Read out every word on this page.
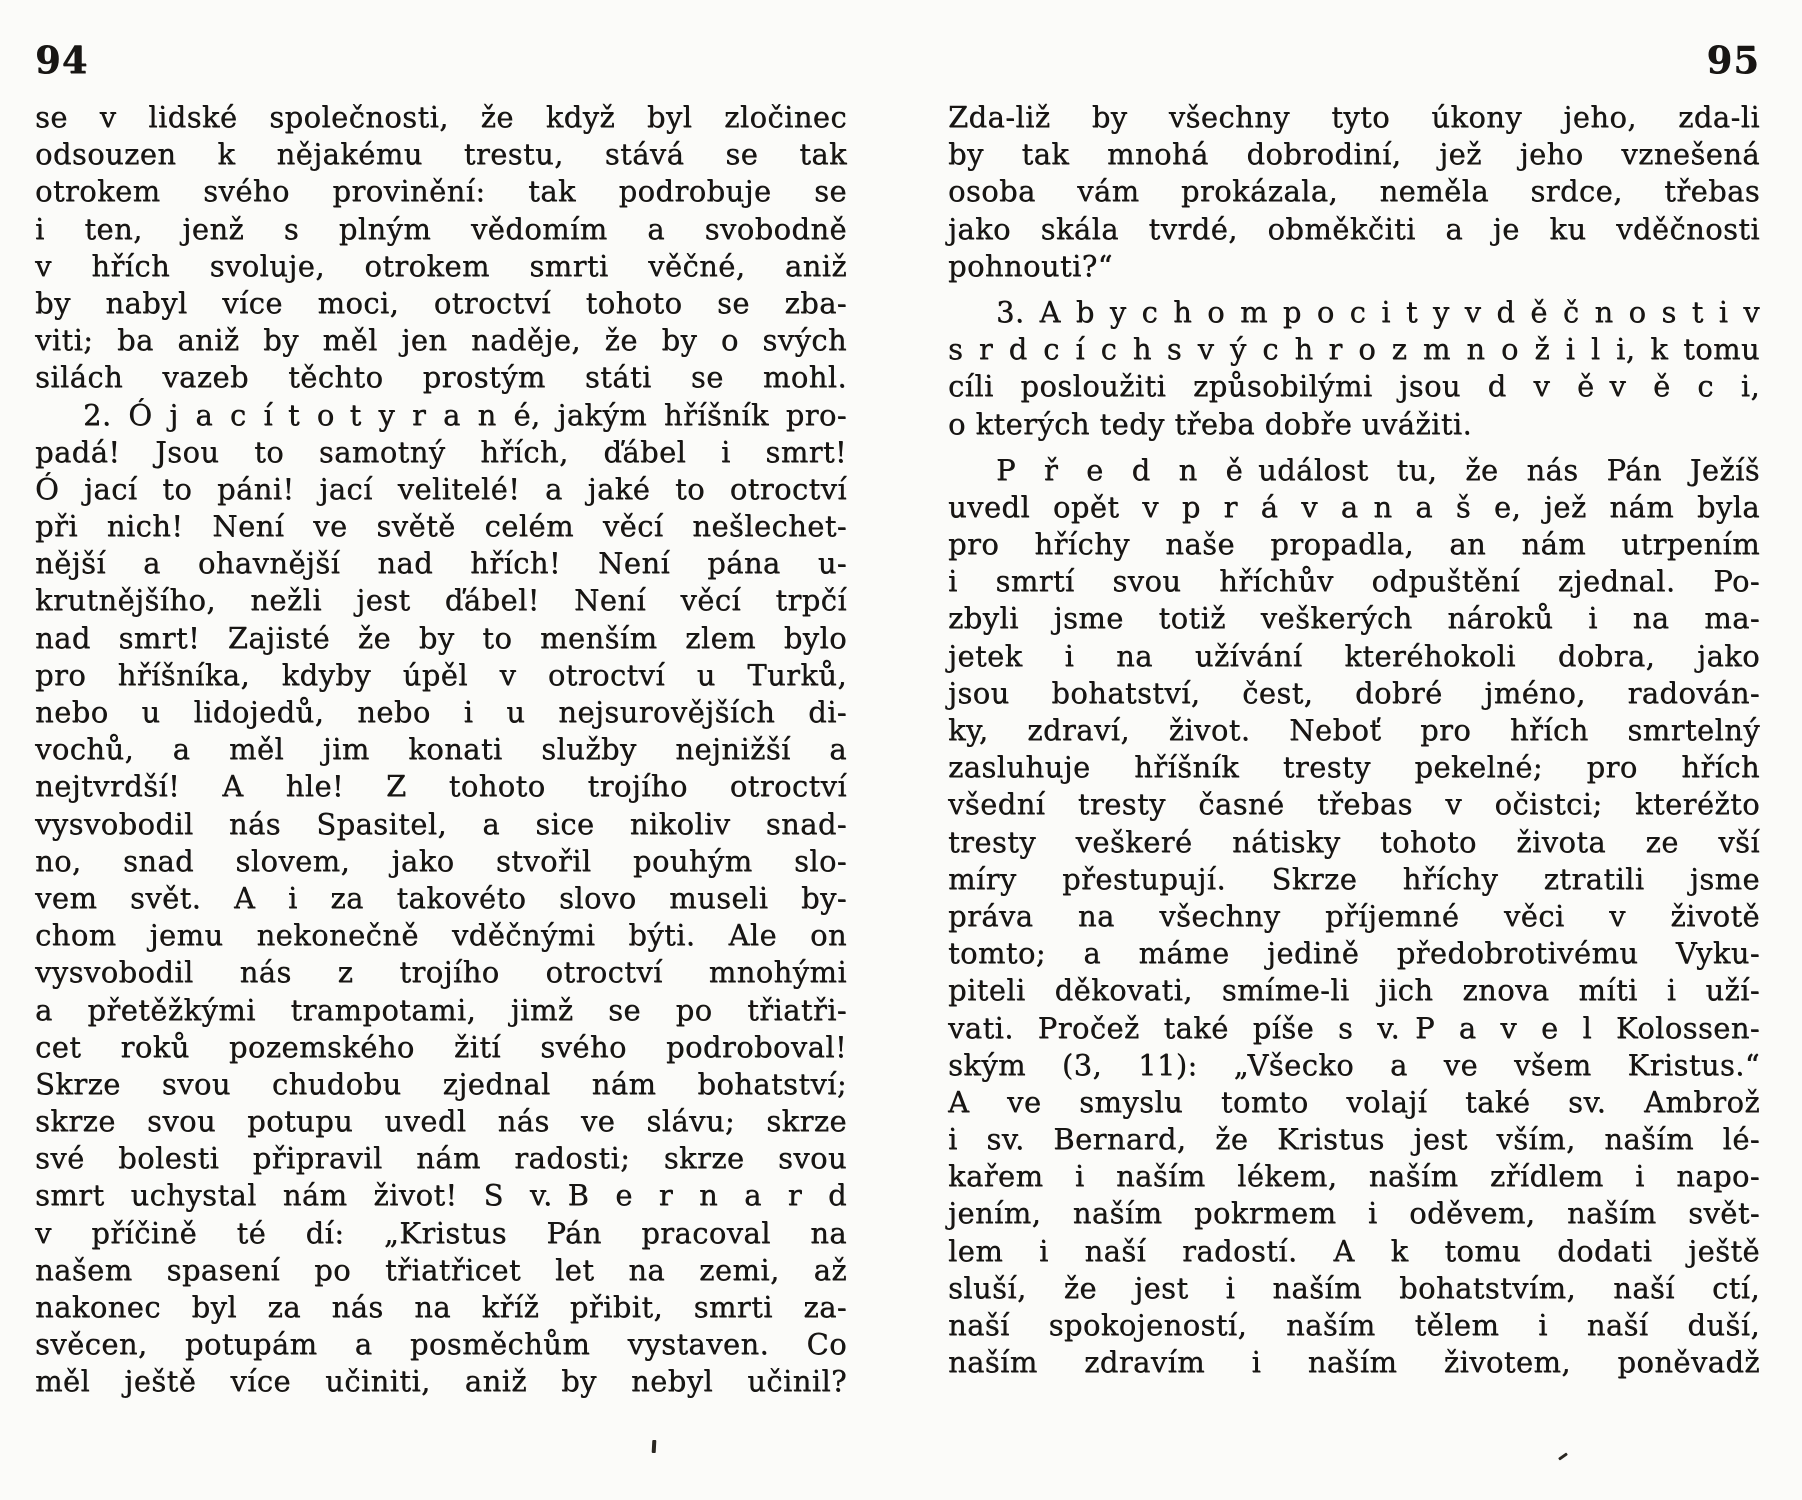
94
se v lidské společnosti, že když byl zločinec
odsouzen k nějakému trestu, stává se tak
otrokem svého provinění: tak podrobuje se
i ten, jenž s plným vědomím a svobodně
v hřích svoluje, otrokem smrti věčné, aniž
by nabyl více moci, otroctví tohoto se zba-
viti; ba aniž by měl jen naděje, že by o svých
silách vazeb těchto prostým státi se mohl.
2. Ó j a c í t o t y r a n é, jakým hříšník pro-
padá! Jsou to samotný hřích, ďábel i smrt!
Ó jací to páni! jací velitelé! a jaké to otroctví
při nich! Není ve světě celém věcí nešlechet-
nější a ohavnější nad hřích! Není pána u-
krutnějšího, nežli jest ďábel! Není věcí trpčí
nad smrt! Zajisté že by to menším zlem bylo
pro hříšníka, kdyby úpěl v otroctví u Turků,
nebo u lidojedů, nebo i u nejsurovějších di-
vochů, a měl jim konati služby nejnižší a
nejtvrdší! A hle! Z tohoto trojího otroctví
vysvobodil nás Spasitel, a sice nikoliv snad-
no, snad slovem, jako stvořil pouhým slo-
vem svět. A i za takovéto slovo museli by-
chom jemu nekonečně vděčnými býti. Ale on
vysvobodil nás z trojího otroctví mnohými
a přetěžkými trampotami, jimž se po třiatři-
cet roků pozemského žití svého podroboval!
Skrze svou chudobu zjednal nám bohatství;
skrze svou potupu uvedl nás ve slávu; skrze
své bolesti připravil nám radosti; skrze svou
smrt uchystal nám život! S v. B e r n a r d
v příčině té dí: „Kristus Pán pracoval na
našem spasení po třiatřicet let na zemi, až
nakonec byl za nás na kříž přibit, smrti za-
svěcen, potupám a posměchům vystaven. Co
měl ještě více učiniti, aniž by nebyl učinil?
95
Zda-liž by všechny tyto úkony jeho, zda-li
by tak mnohá dobrodiní, jež jeho vznešená
osoba vám prokázala, neměla srdce, třebas
jako skála tvrdé, obměkčiti a je ku vděčnosti
pohnouti?“
3. A b y c h o m p o c i t y v d ě č n o s t i v
s r d c í c h s v ý c h r o z m n o ž i l i, k tomu
cíli posloužiti způsobilými jsou d v ě v ě c i,
o kterých tedy třeba dobře uvážiti.
P ř e d n ě událost tu, že nás Pán Ježíš
uvedl opět v p r á v a n a š e, jež nám byla
pro hříchy naše propadla, an nám utrpením
i smrtí svou hříchův odpuštění zjednal. Po-
zbyli jsme totiž veškerých nároků i na ma-
jetek i na užívání kteréhokoli dobra, jako
jsou bohatství, čest, dobré jméno, radován-
ky, zdraví, život. Neboť pro hřích smrtelný
zasluhuje hříšník tresty pekelné; pro hřích
všední tresty časné třebas v očistci; kteréžto
tresty veškeré nátisky tohoto života ze vší
míry přestupují. Skrze hříchy ztratili jsme
práva na všechny příjemné věci v životě
tomto; a máme jedině předobrotivému Vyku-
piteli děkovati, smíme-li jich znova míti i uží-
vati. Pročež také píše s v. P a v e l Kolossen-
ským (3, 11): „Všecko a ve všem Kristus.“
A ve smyslu tomto volají také sv. Ambrož
i sv. Bernard, že Kristus jest vším, naším lé-
kařem i naším lékem, naším zřídlem i napo-
jením, naším pokrmem i oděvem, naším svět-
lem i naší radostí. A k tomu dodati ještě
sluší, že jest i naším bohatstvím, naší ctí,
naší spokojeností, naším tělem i naší duší,
naším zdravím i naším životem, poněvadž
